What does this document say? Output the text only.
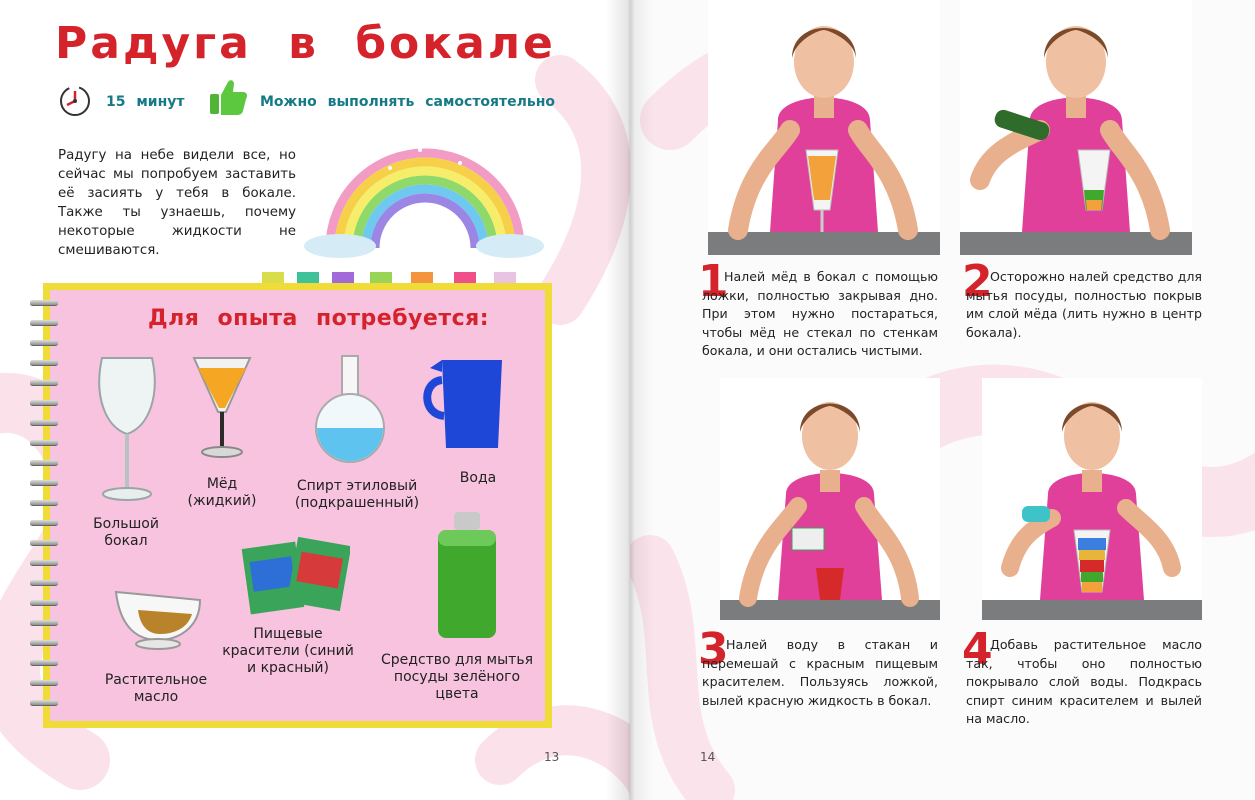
Радуга в бокале
15 минут	Можно выполнять самостоятельно
Радугу на небе видели все, но сейчас мы попробуем заставить её засиять у тебя в бокале. Также ты узнаешь, почему некоторые жидкости не смешиваются.
Для опыта потребуется:
Большой бокал
Мёд (жидкий)
Спирт этиловый (подкрашенный)
Вода
Растительное масло
Пищевые красители (синий и красный)	Средство для мытья посуды зелёного цвета
13
1
Налей мёд в бокал с помощью ложки, полностью закрывая дно. При этом нужно постараться, чтобы мёд не стекал по стенкам бокала, и они остались чистыми.
2
Осторожно налей средство для мытья посуды, полностью покрыв им слой мёда (лить нужно в центр бокала).
3
Налей воду в стакан и перемешай с красным пищевым красителем. Пользуясь ложкой, вылей красную жидкость в бокал.
4
Добавь растительное масло так, чтобы оно полностью покрывало слой воды. Подкрась спирт синим красителем и вылей на масло.
14
